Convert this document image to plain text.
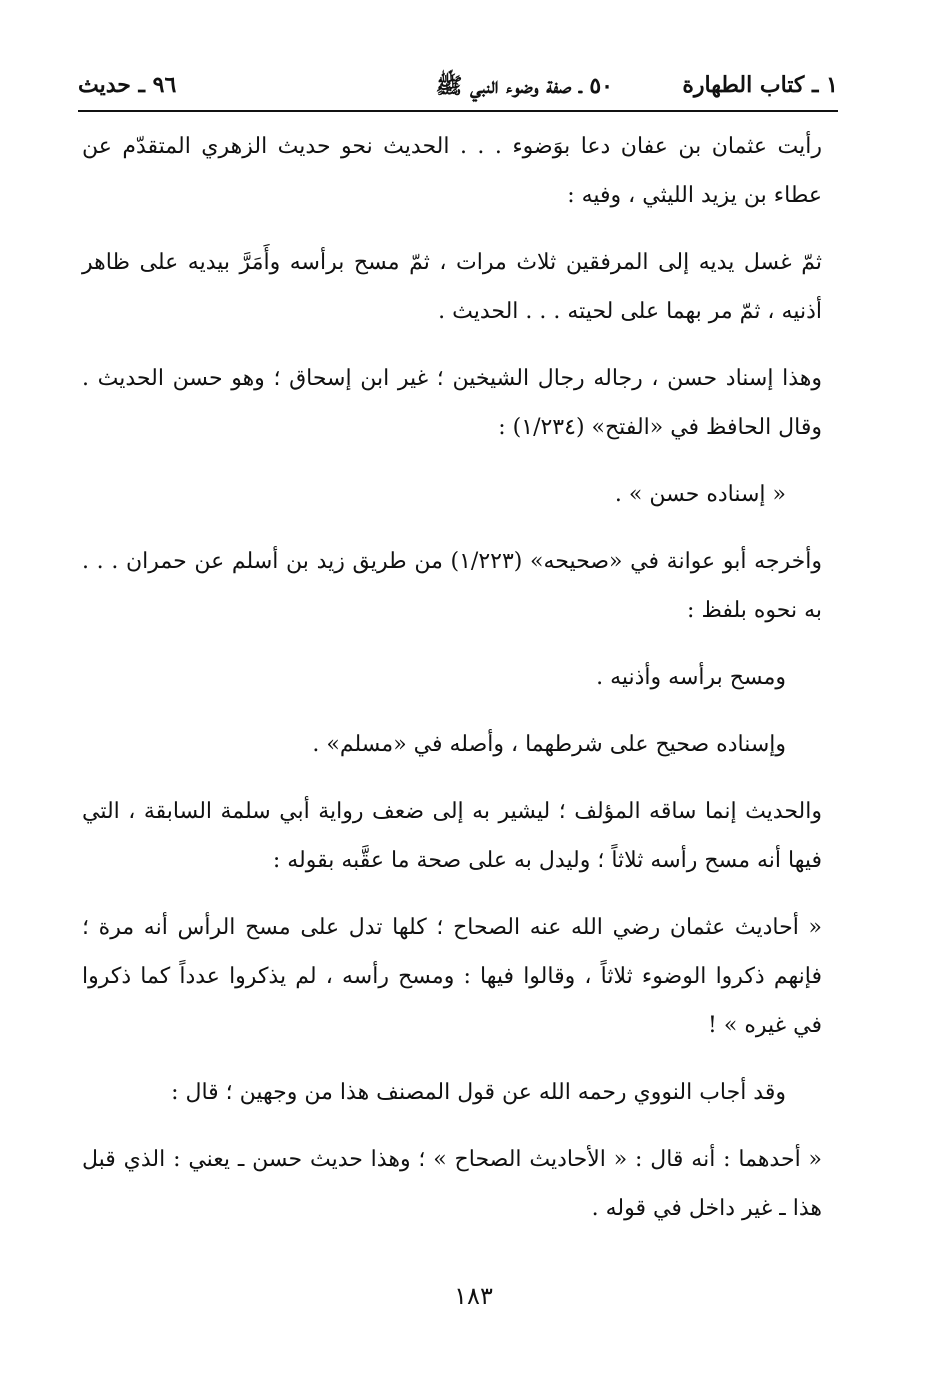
١ ـ كتاب الطهارة
٥٠ ـ صفة وضوء النبي ﷺ
٩٦ ـ حديث

رأيت عثمان بن عفان دعا بوَضوء . . . الحديث نحو حديث الزهري المتقدّم عن عطاء بن يزيد الليثي ، وفيه :

ثمّ غسل يديه إلى المرفقين ثلاث مرات ، ثمّ مسح برأسه وأَمَرَّ بيديه على ظاهر أذنيه ، ثمّ مر بهما على لحيته . . . الحديث .

وهذا إسناد حسن ، رجاله رجال الشيخين ؛ غير ابن إسحاق ؛ وهو حسن الحديث . وقال الحافظ في «الفتح» (١/٢٣٤) :

« إسناده حسن » .

وأخرجه أبو عوانة في «صحيحه» (١/٢٢٣) من طريق زيد بن أسلم عن حمران . . . به نحوه بلفظ :

ومسح برأسه وأذنيه .

وإسناده صحيح على شرطهما ، وأصله في «مسلم» .

والحديث إنما ساقه المؤلف ؛ ليشير به إلى ضعف رواية أبي سلمة السابقة ، التي فيها أنه مسح رأسه ثلاثاً ؛ وليدل به على صحة ما عقَّبه بقوله :

« أحاديث عثمان رضي الله عنه الصحاح ؛ كلها تدل على مسح الرأس أنه مرة ؛ فإنهم ذكروا الوضوء ثلاثاً ، وقالوا فيها : ومسح رأسه ، لم يذكروا عدداً كما ذكروا في غيره » !

وقد أجاب النووي رحمه الله عن قول المصنف هذا من وجهين ؛ قال :

« أحدهما : أنه قال : « الأحاديث الصحاح » ؛ وهذا حديث حسن ـ يعني : الذي قبل هذا ـ غير داخل في قوله .

١٨٣
